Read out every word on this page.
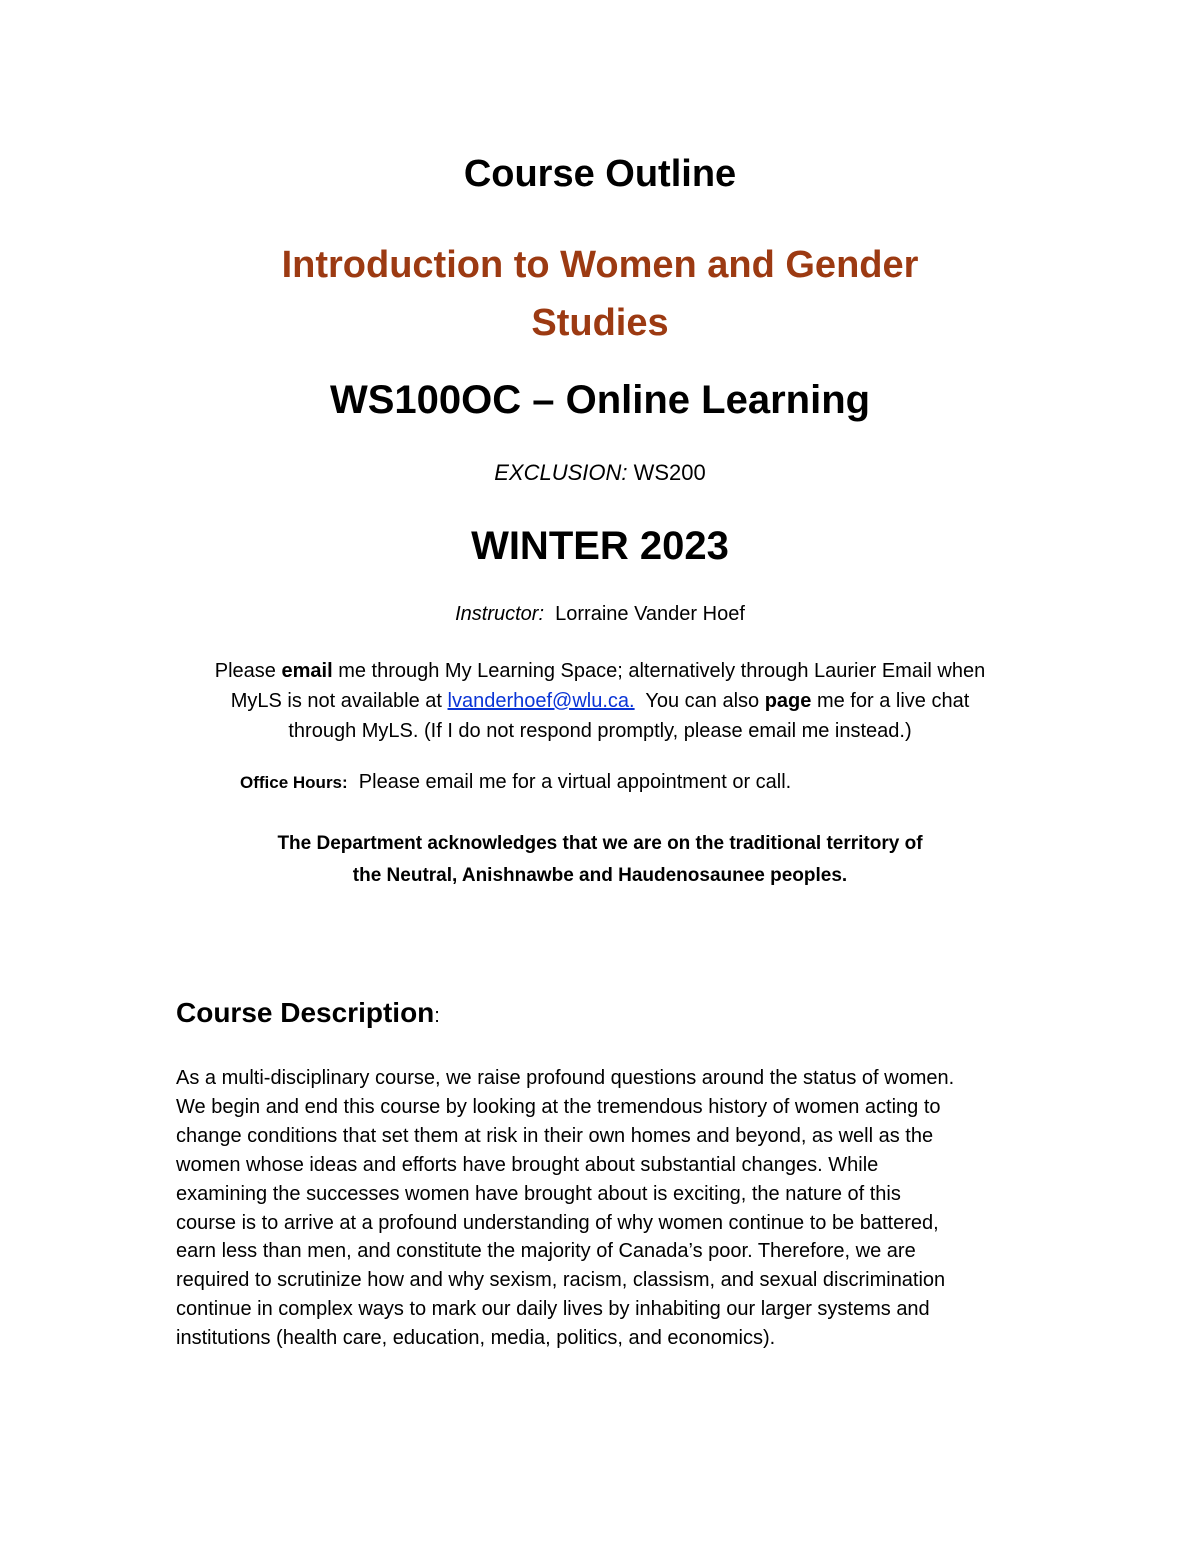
Course Outline
Introduction to Women and Gender
Studies
WS100OC – Online Learning
EXCLUSION: WS200
WINTER 2023
Instructor:  Lorraine Vander Hoef
Please email me through My Learning Space; alternatively through Laurier Email when
MyLS is not available at lvanderhoef@wlu.ca.  You can also page me for a live chat
through MyLS. (If I do not respond promptly, please email me instead.)
Office Hours:  Please email me for a virtual appointment or call.
The Department acknowledges that we are on the traditional territory of
the Neutral, Anishnawbe and Haudenosaunee peoples.
Course Description:
As a multi-disciplinary course, we raise profound questions around the status of women.
We begin and end this course by looking at the tremendous history of women acting to
change conditions that set them at risk in their own homes and beyond, as well as the
women whose ideas and efforts have brought about substantial changes. While
examining the successes women have brought about is exciting, the nature of this
course is to arrive at a profound understanding of why women continue to be battered,
earn less than men, and constitute the majority of Canada’s poor. Therefore, we are
required to scrutinize how and why sexism, racism, classism, and sexual discrimination
continue in complex ways to mark our daily lives by inhabiting our larger systems and
institutions (health care, education, media, politics, and economics).
